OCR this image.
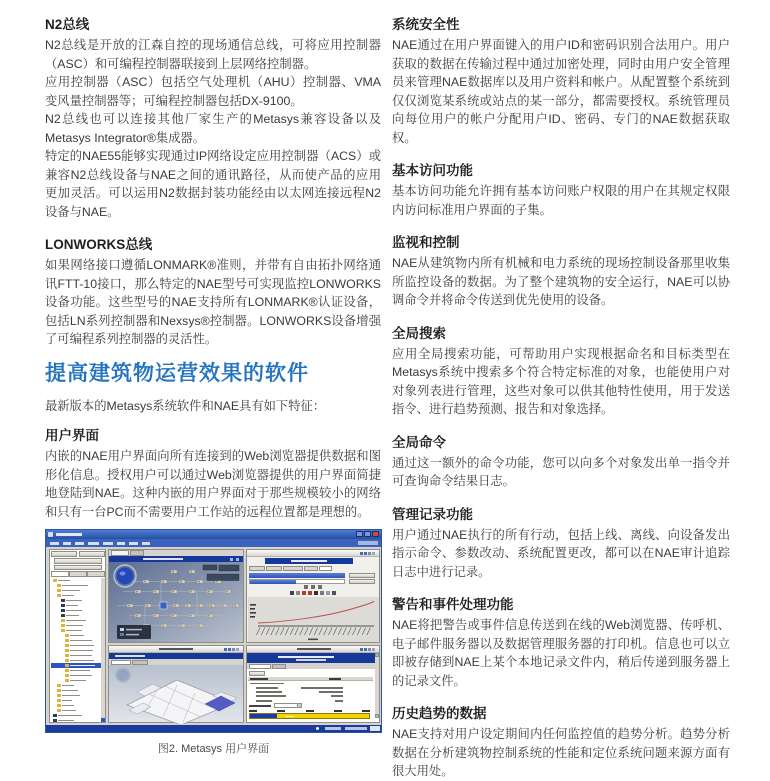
N2总线

N2总线是开放的江森自控的现场通信总线，可将应用控制器（ASC）和可编程控制器联接到上层网络控制器。

应用控制器（ASC）包括空气处理机（AHU）控制器、VMA变风量控制器等；可编程控制器包括DX-9100。

N2总线也可以连接其他厂家生产的Metasys兼容设备以及Metasys Integrator®集成器。

特定的NAE55能够实现通过IP网络设定应用控制器（ACS）或兼容N2总线设备与NAE之间的通讯路径，从而使产品的应用更加灵活。可以运用N2数据封装功能经由以太网连接远程N2设备与NAE。

LONWORKS总线

如果网络接口遵循LONMARK®准则，并带有自由拓扑网络通讯FTT-10接口，那么特定的NAE型号可实现监控LONWORKS设备功能。这些型号的NAE支持所有LONMARK®认证设备，包括LN系列控制器和Nexsys®控制器。LONWORKS设备增强了可编程系列控制器的灵活性。

提高建筑物运营效果的软件

最新版本的Metasys系统软件和NAE具有如下特征：

用户界面

内嵌的NAE用户界面向所有连接到的Web浏览器提供数据和图形化信息。授权用户可以通过Web浏览器提供的用户界面简捷地登陆到NAE。这种内嵌的用户界面对于那些规模较小的网络和只有一台PC而不需要用户工作站的远程位置都是理想的。

图2. Metasys 用户界面
系统安全性

NAE通过在用户界面键入的用户ID和密码识别合法用户。用户获取的数据在传输过程中通过加密处理，同时由用户安全管理员来管理NAE数据库以及用户资料和帐户。从配置整个系统到仅仅浏览某系统或站点的某一部分，都需要授权。系统管理员向每位用户的帐户分配用户ID、密码、专门的NAE数据获取权。

基本访问功能

基本访问功能允许拥有基本访问账户权限的用户在其规定权限内访问标准用户界面的子集。

监视和控制

NAE从建筑物内所有机械和电力系统的现场控制设备那里收集所监控设备的数据。为了整个建筑物的安全运行，NAE可以协调命令并将命令传送到优先使用的设备。

全局搜索

应用全局搜索功能，可帮助用户实现根据命名和目标类型在Metasys系统中搜索多个符合特定标准的对象，也能使用户对对象列表进行管理，这些对象可以供其他特性使用，用于发送指令、进行趋势预测、报告和对象选择。

全局命令

通过这一额外的命令功能，您可以向多个对象发出单一指令并可查询命令结果日志。

管理记录功能

用户通过NAE执行的所有行动，包括上线、离线、向设备发出指示命令、参数改动、系统配置更改，都可以在NAE审计追踪日志中进行记录。

警告和事件处理功能

NAE将把警告或事件信息传送到在线的Web浏览器、传呼机、电子邮件服务器以及数据管理服务器的打印机。信息也可以立即被存储到NAE上某个本地记录文件内，稍后传递到服务器上的记录文件。

历史趋势的数据

NAE支持对用户设定期间内任何监控值的趋势分析。趋势分析数据在分析建筑物控制系统的性能和定位系统问题来源方面有很大用处。
